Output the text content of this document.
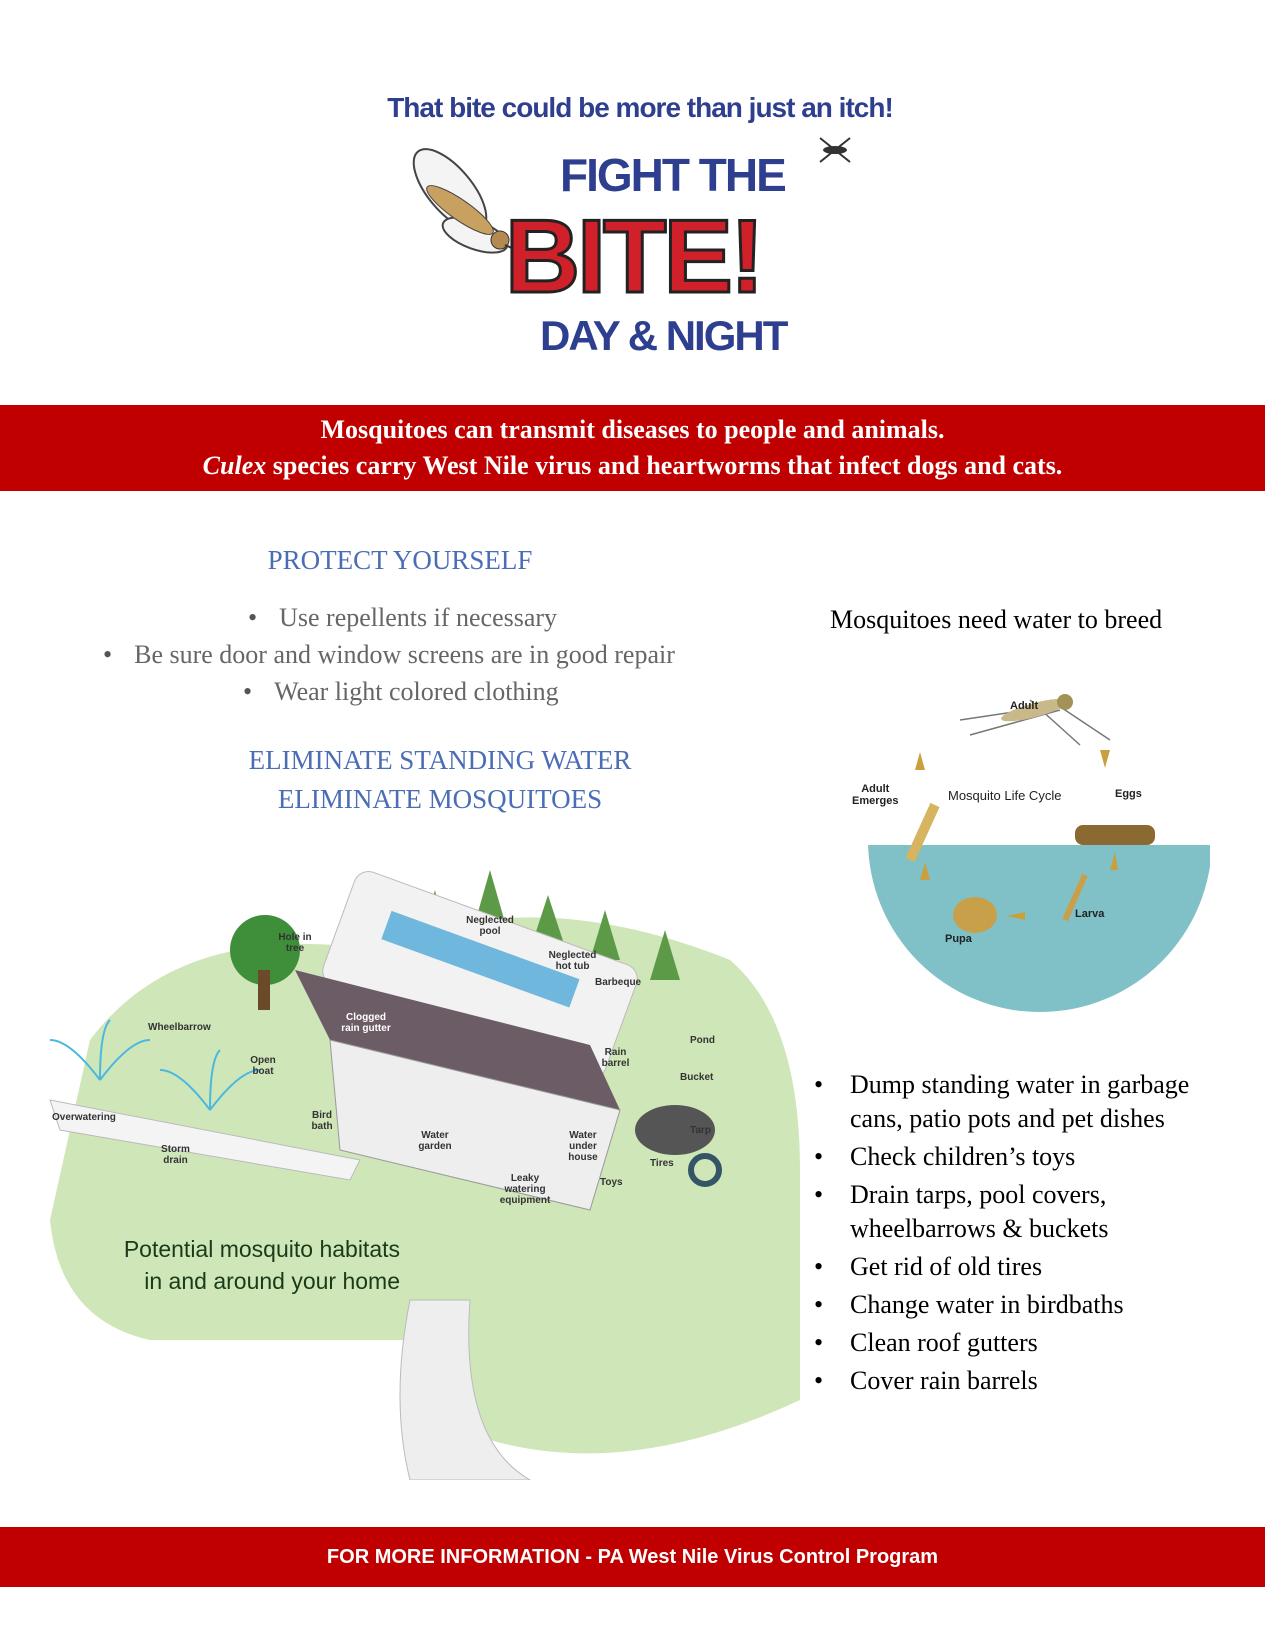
That bite could be more than just an itch!
FIGHT THE
BITE!
DAY & NIGHT
Mosquitoes can transmit diseases to people and animals.
Culex species carry West Nile virus and heartworms that infect dogs and cats.
PROTECT YOURSELF
• Use repellents if necessary
• Be sure door and window screens are in good repair
• Wear light colored clothing
ELIMINATE STANDING WATER
ELIMINATE MOSQUITOES
Mosquitoes need water to breed
Adult
Mosquito Life Cycle	Eggs
Adult
Emerges
Larva
Pupa
Hole in tree
Neglected pool
Neglected hot tub
Barbeque
Wheelbarrow
Clogged rain gutter
Open boat
Pond
Rain barrel
Bucket
Overwatering	Bird bath	Tarp
Storm drain
Water garden
Water under house
Tires
Leaky watering equipment
Toys
Potential mosquito habitats
in and around your home
• Dump standing water in garbage cans, patio pots and pet dishes
• Check children’s toys
• Drain tarps, pool covers, wheelbarrows & buckets
• Get rid of old tires
• Change water in birdbaths
• Clean roof gutters
• Cover rain barrels
FOR MORE INFORMATION - PA West Nile Virus Control Program
